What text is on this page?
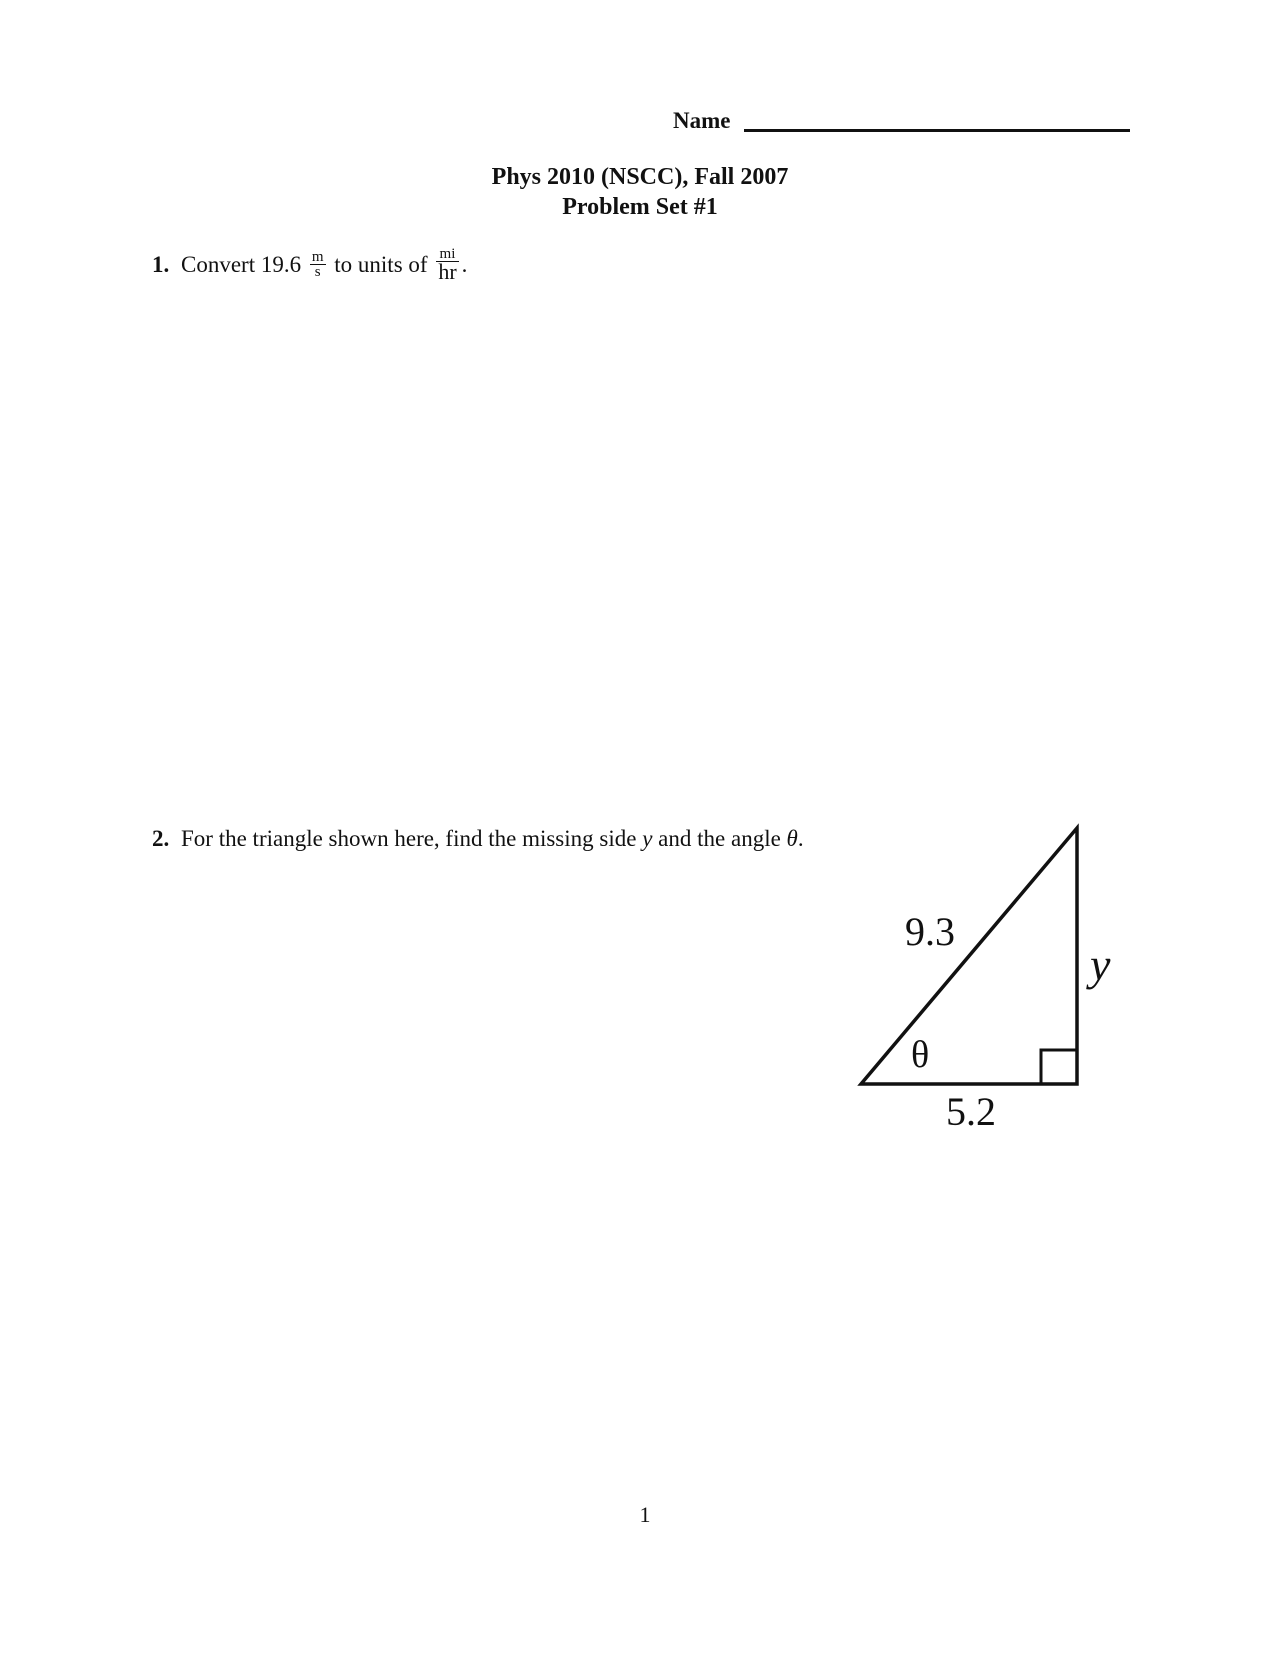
Name
Phys 2010 (NSCC), Fall 2007
Problem Set #1
1. Convert $19.6 \frac{m}{s}$ to units of $\frac{mi}{hr}$ .
2. For the triangle shown here, find the missing side y and the angle θ.
9.3
θ
5.2
y
1
